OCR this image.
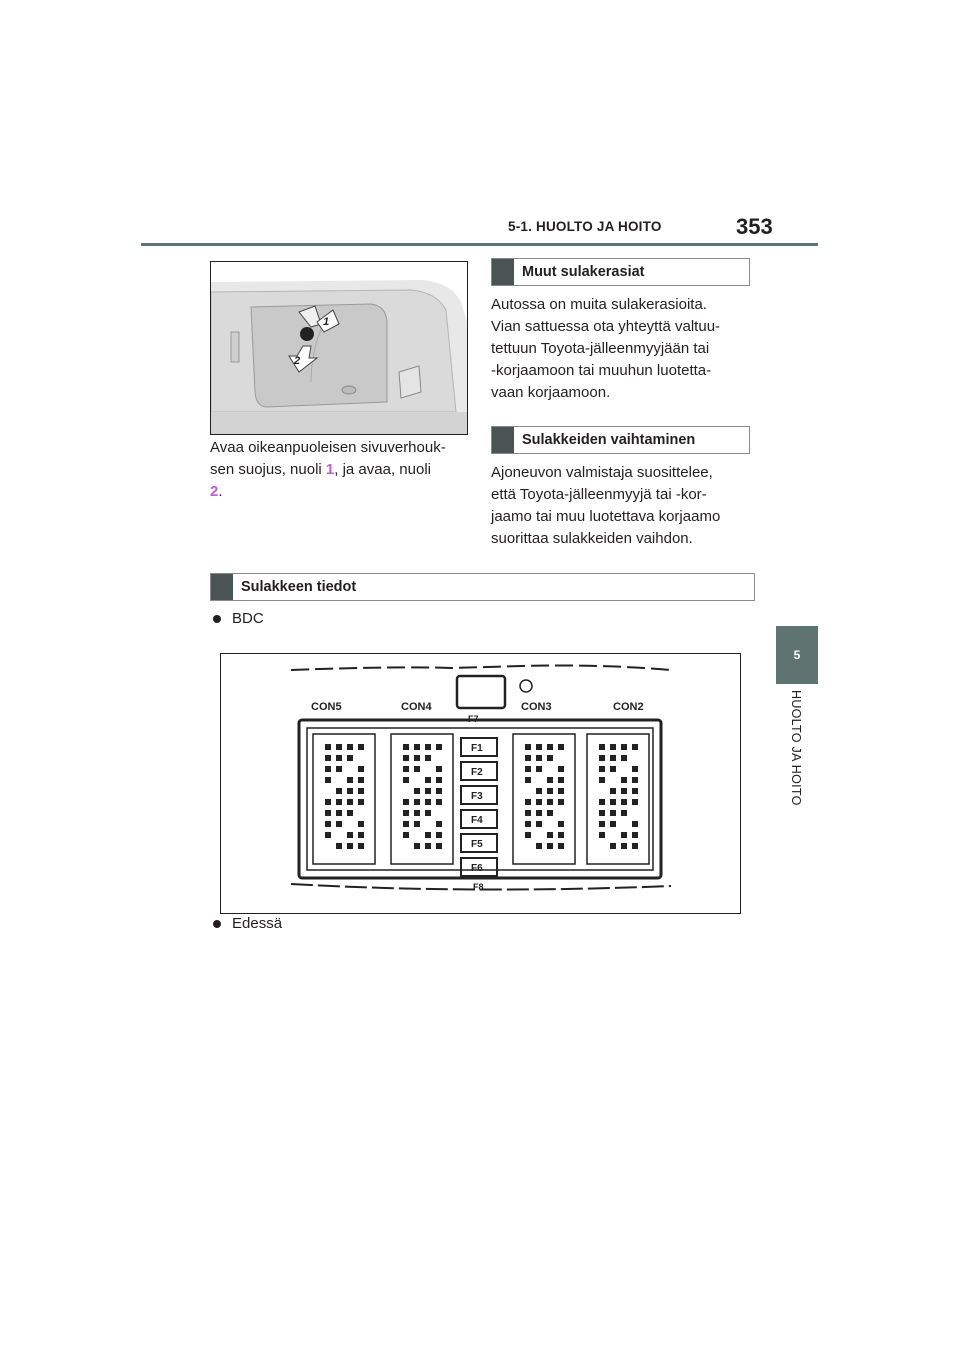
5-1. HUOLTO JA HOITO	353
5
HUOLTO JA HOITO
1
2
Avaa oikeanpuoleisen sivuverhouk-
sen suojus, nuoli 1, ja avaa, nuoli
2.
Muut sulakerasiat
Autossa on muita sulakerasioita.
Vian sattuessa ota yhteyttä valtuu-
tettuun Toyota-jälleenmyyjään tai
-korjaamoon tai muuhun luotetta-
vaan korjaamoon.
Sulakkeiden vaihtaminen
Ajoneuvon valmistaja suosittelee,
että Toyota-jälleenmyyjä tai -kor-
jaamo tai muu luotettava korjaamo
suorittaa sulakkeiden vaihdon.
Sulakkeen tiedot
BDC
CON5	CON4	CON3	CON2
F1
F2
F3
F4
F5
F6
F7
F8
Edessä
